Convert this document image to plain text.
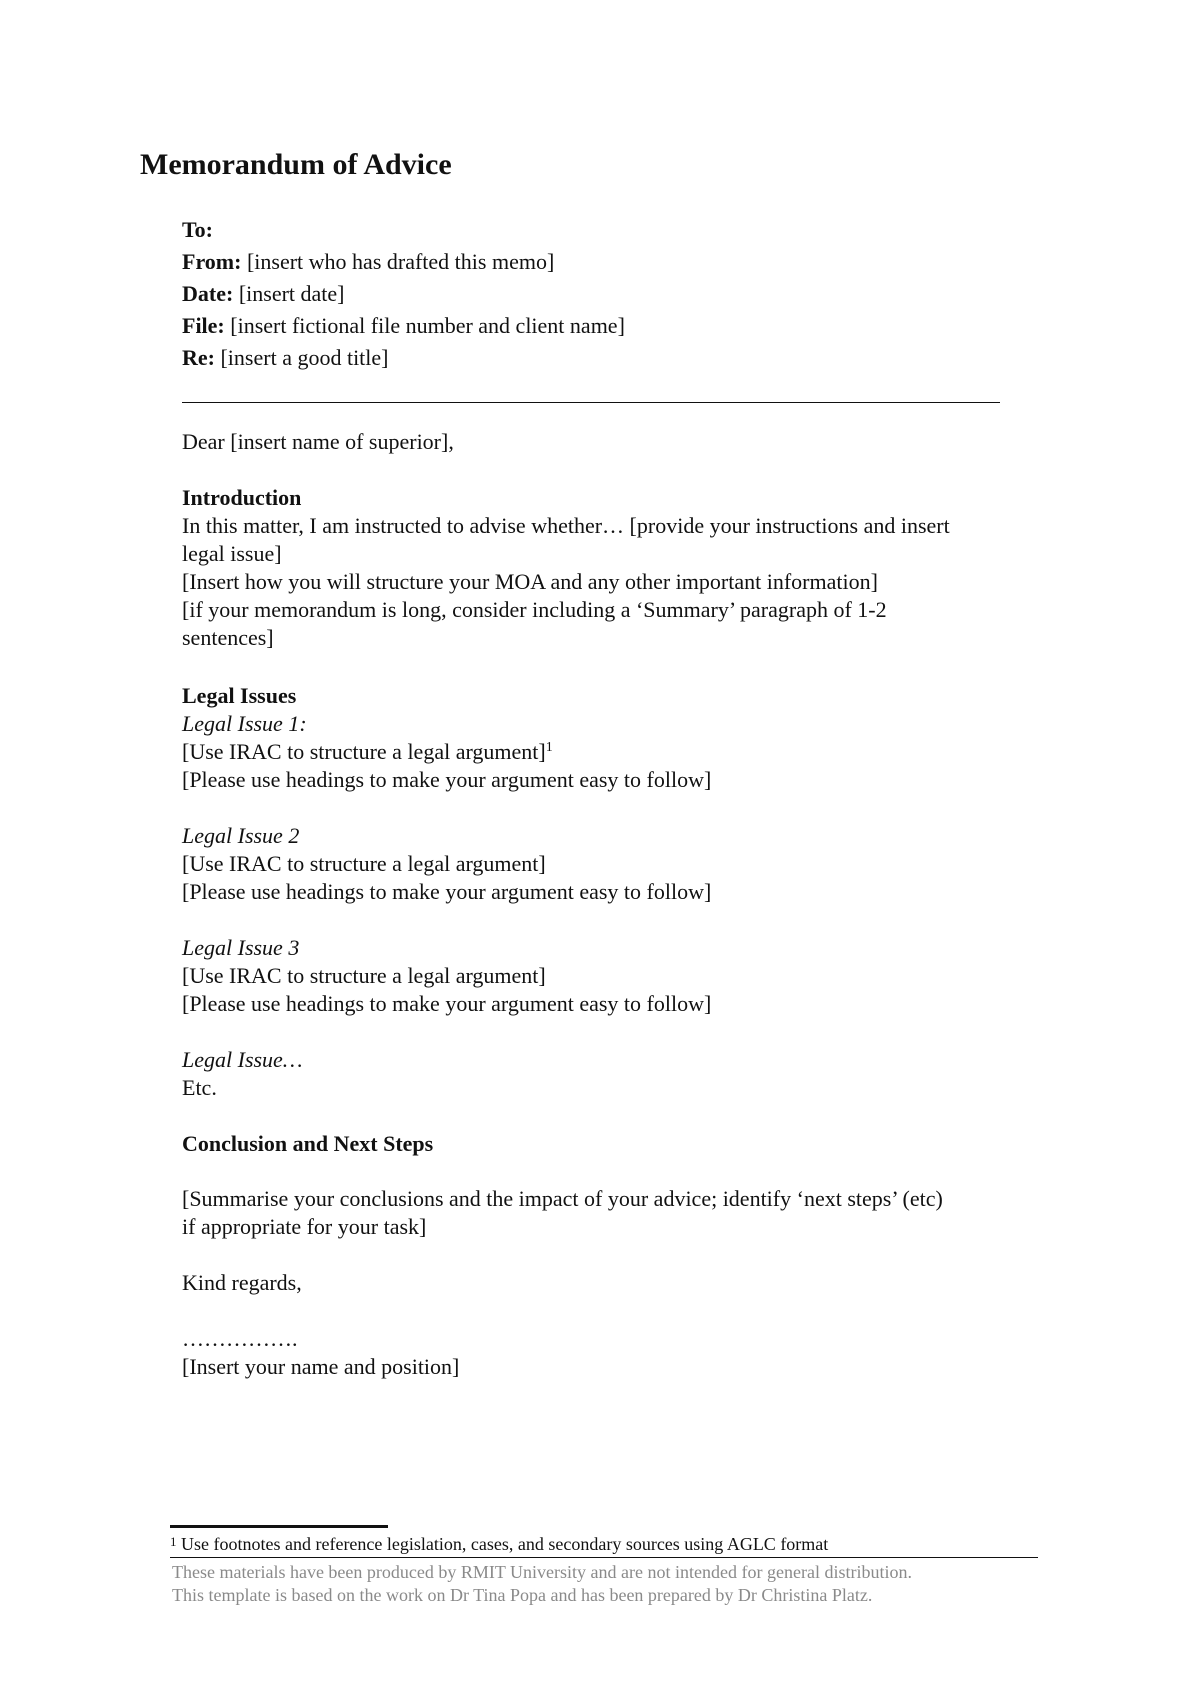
Memorandum of Advice
To:
From: [insert who has drafted this memo]
Date: [insert date]
File: [insert fictional file number and client name]
Re: [insert a good title]
Dear [insert name of superior],
Introduction
In this matter, I am instructed to advise whether… [provide your instructions and insert
legal issue]
[Insert how you will structure your MOA and any other important information]
[if your memorandum is long, consider including a ‘Summary’ paragraph of 1-2
sentences]
Legal Issues
Legal Issue 1:
[Use IRAC to structure a legal argument]$^1$
[Please use headings to make your argument easy to follow]
Legal Issue 2
[Use IRAC to structure a legal argument]
[Please use headings to make your argument easy to follow]
Legal Issue 3
[Use IRAC to structure a legal argument]
[Please use headings to make your argument easy to follow]
Legal Issue…
Etc.
Conclusion and Next Steps
[Summarise your conclusions and the impact of your advice; identify ‘next steps’ (etc)
if appropriate for your task]
Kind regards,
…………….
[Insert your name and position]
$^1$ Use footnotes and reference legislation, cases, and secondary sources using AGLC format
These materials have been produced by RMIT University and are not intended for general distribution.
This template is based on the work on Dr Tina Popa and has been prepared by Dr Christina Platz.
